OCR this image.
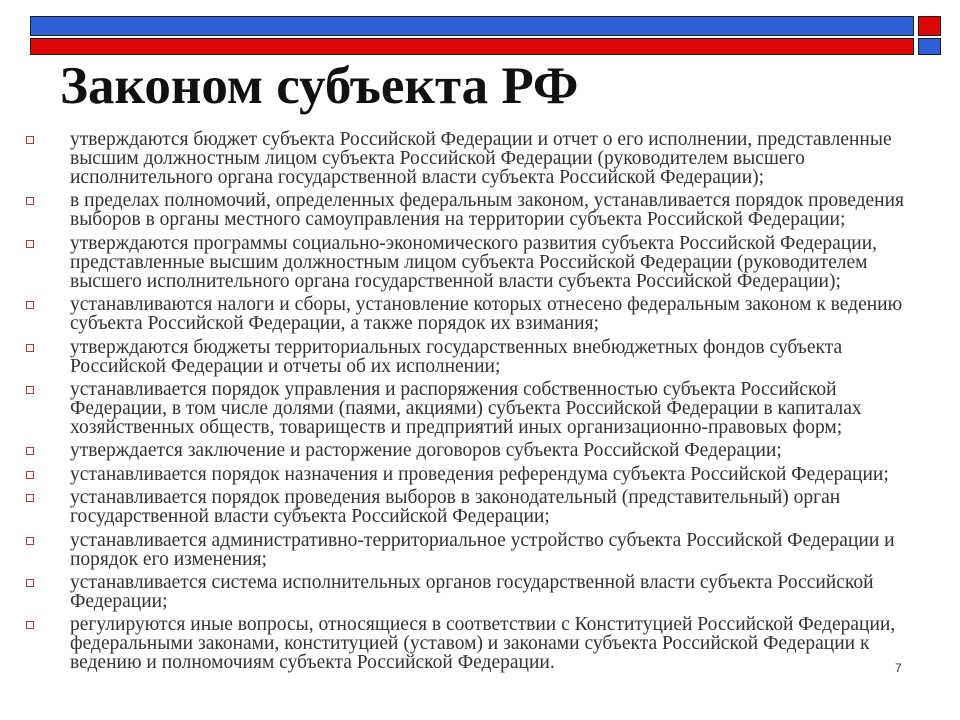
Законом субъекта РФ
утверждаются бюджет субъекта Российской Федерации и отчет о его исполнении, представленные
высшим должностным лицом субъекта Российской Федерации (руководителем высшего
исполнительного органа государственной власти субъекта Российской Федерации);
в пределах полномочий, определенных федеральным законом, устанавливается порядок проведения
выборов в органы местного самоуправления на территории субъекта Российской Федерации;
утверждаются программы социально-экономического развития субъекта Российской Федерации,
представленные высшим должностным лицом субъекта Российской Федерации (руководителем
высшего исполнительного органа государственной власти субъекта Российской Федерации);
устанавливаются налоги и сборы, установление которых отнесено федеральным законом к ведению
субъекта Российской Федерации, а также порядок их взимания;
утверждаются бюджеты территориальных государственных внебюджетных фондов субъекта
Российской Федерации и отчеты об их исполнении;
устанавливается порядок управления и распоряжения собственностью субъекта Российской
Федерации, в том числе долями (паями, акциями) субъекта Российской Федерации в капиталах
хозяйственных обществ, товариществ и предприятий иных организационно-правовых форм;
утверждается заключение и расторжение договоров субъекта Российской Федерации;
устанавливается порядок назначения и проведения референдума субъекта Российской Федерации;
устанавливается порядок проведения выборов в законодательный (представительный) орган
государственной власти субъекта Российской Федерации;
устанавливается административно-территориальное устройство субъекта Российской Федерации и
порядок его изменения;
устанавливается система исполнительных органов государственной власти субъекта Российской
Федерации;
регулируются иные вопросы, относящиеся в соответствии с Конституцией Российской Федерации,
федеральными законами, конституцией (уставом) и законами субъекта Российской Федерации к
ведению и полномочиям субъекта Российской Федерации.	7
